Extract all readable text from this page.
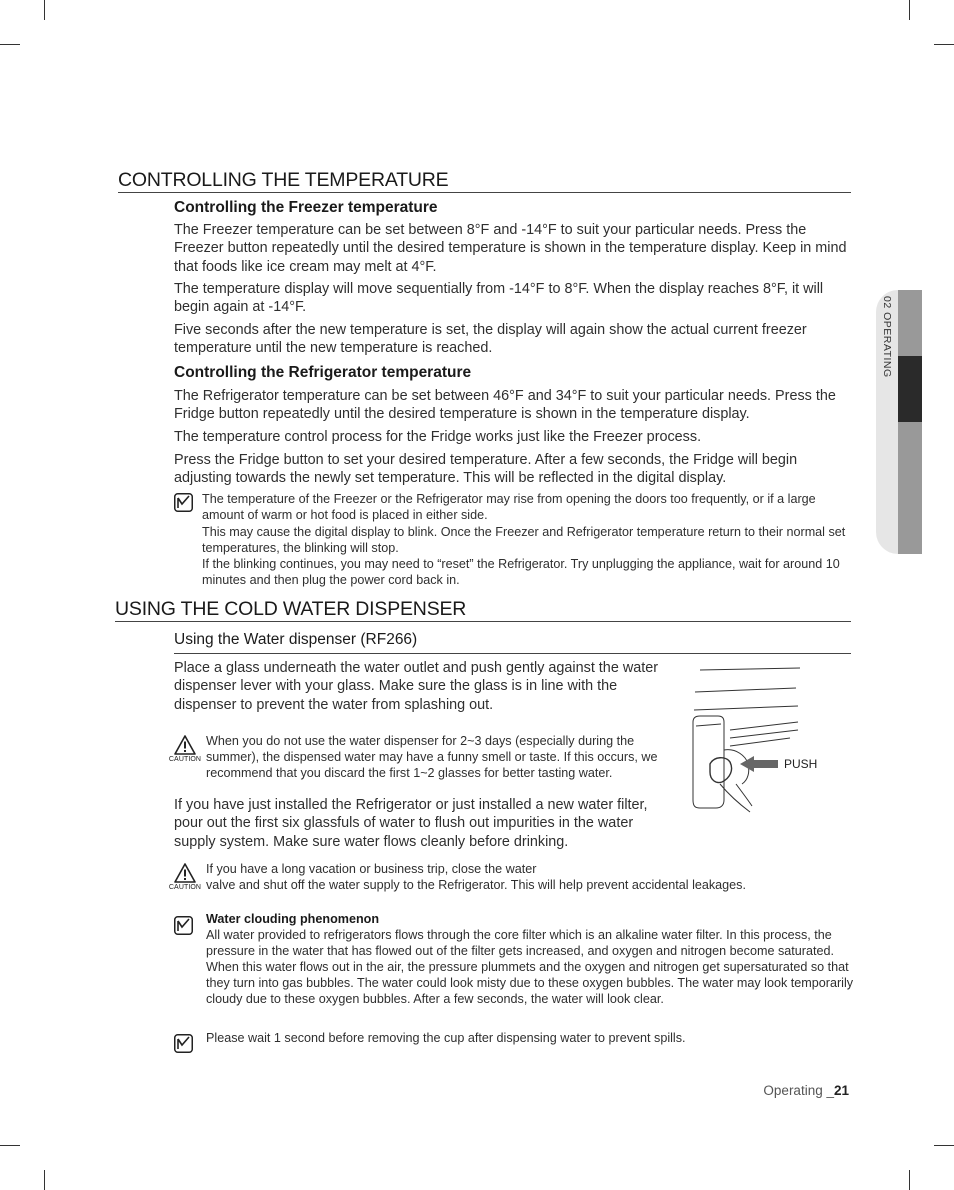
02 OPERATING
CONTROLLING THE TEMPERATURE
Controlling the Freezer temperature

The Freezer temperature can be set between 8°F and -14°F to suit your particular needs. Press the Freezer button repeatedly until the desired temperature is shown in the temperature display. Keep in mind that foods like ice cream may melt at 4°F.

The temperature display will move sequentially from -14°F to 8°F. When the display reaches 8°F, it will begin again at -14°F.

Five seconds after the new temperature is set, the display will again show the actual current freezer temperature until the new temperature is reached.

Controlling the Refrigerator temperature

The Refrigerator temperature can be set between 46°F and 34°F to suit your particular needs. Press the Fridge button repeatedly until the desired temperature is shown in the temperature display.

The temperature control process for the Fridge works just like the Freezer process.

Press the Fridge button to set your desired temperature. After a few seconds, the Fridge will begin adjusting towards the newly set temperature. This will be reflected in the digital display.

The temperature of the Freezer or the Refrigerator may rise from opening the doors too frequently, or if a large amount of warm or hot food is placed in either side.

This may cause the digital display to blink. Once the Freezer and Refrigerator temperature return to their normal set temperatures, the blinking will stop.

If the blinking continues, you may need to “reset” the Refrigerator. Try unplugging the appliance, wait for around 10 minutes and then plug the power cord back in.

USING THE COLD WATER DISPENSER
Using the Water dispenser (RF266)

Place a glass underneath the water outlet and push gently against the water dispenser lever with your glass. Make sure the glass is in line with the dispenser to prevent the water from splashing out.

CAUTION

When you do not use the water dispenser for 2~3 days (especially during the summer), the dispensed water may have a funny smell or taste. If this occurs, we recommend that you discard the first 1~2 glasses for better tasting water.

If you have just installed the Refrigerator or just installed a new water filter, pour out the first six glassfuls of water to flush out impurities in the water supply system. Make sure water flows cleanly before drinking.

CAUTION
If you have a long vacation or business trip, close the water
valve and shut off the water supply to the Refrigerator. This will help prevent accidental leakages.
Water clouding phenomenon
All water provided to refrigerators flows through the core filter which is an alkaline water filter. In this process, the pressure in the water that has flowed out of the filter gets increased, and oxygen and nitrogen become saturated. When this water flows out in the air, the pressure plummets and the oxygen and nitrogen get supersaturated so that they turn into gas bubbles. The water could look misty due to these oxygen bubbles. The water may look temporarily cloudy due to these oxygen bubbles. After a few seconds, the water will look clear.

Please wait 1 second before removing the cup after dispensing water to prevent spills.

PUSH
Operating _21
